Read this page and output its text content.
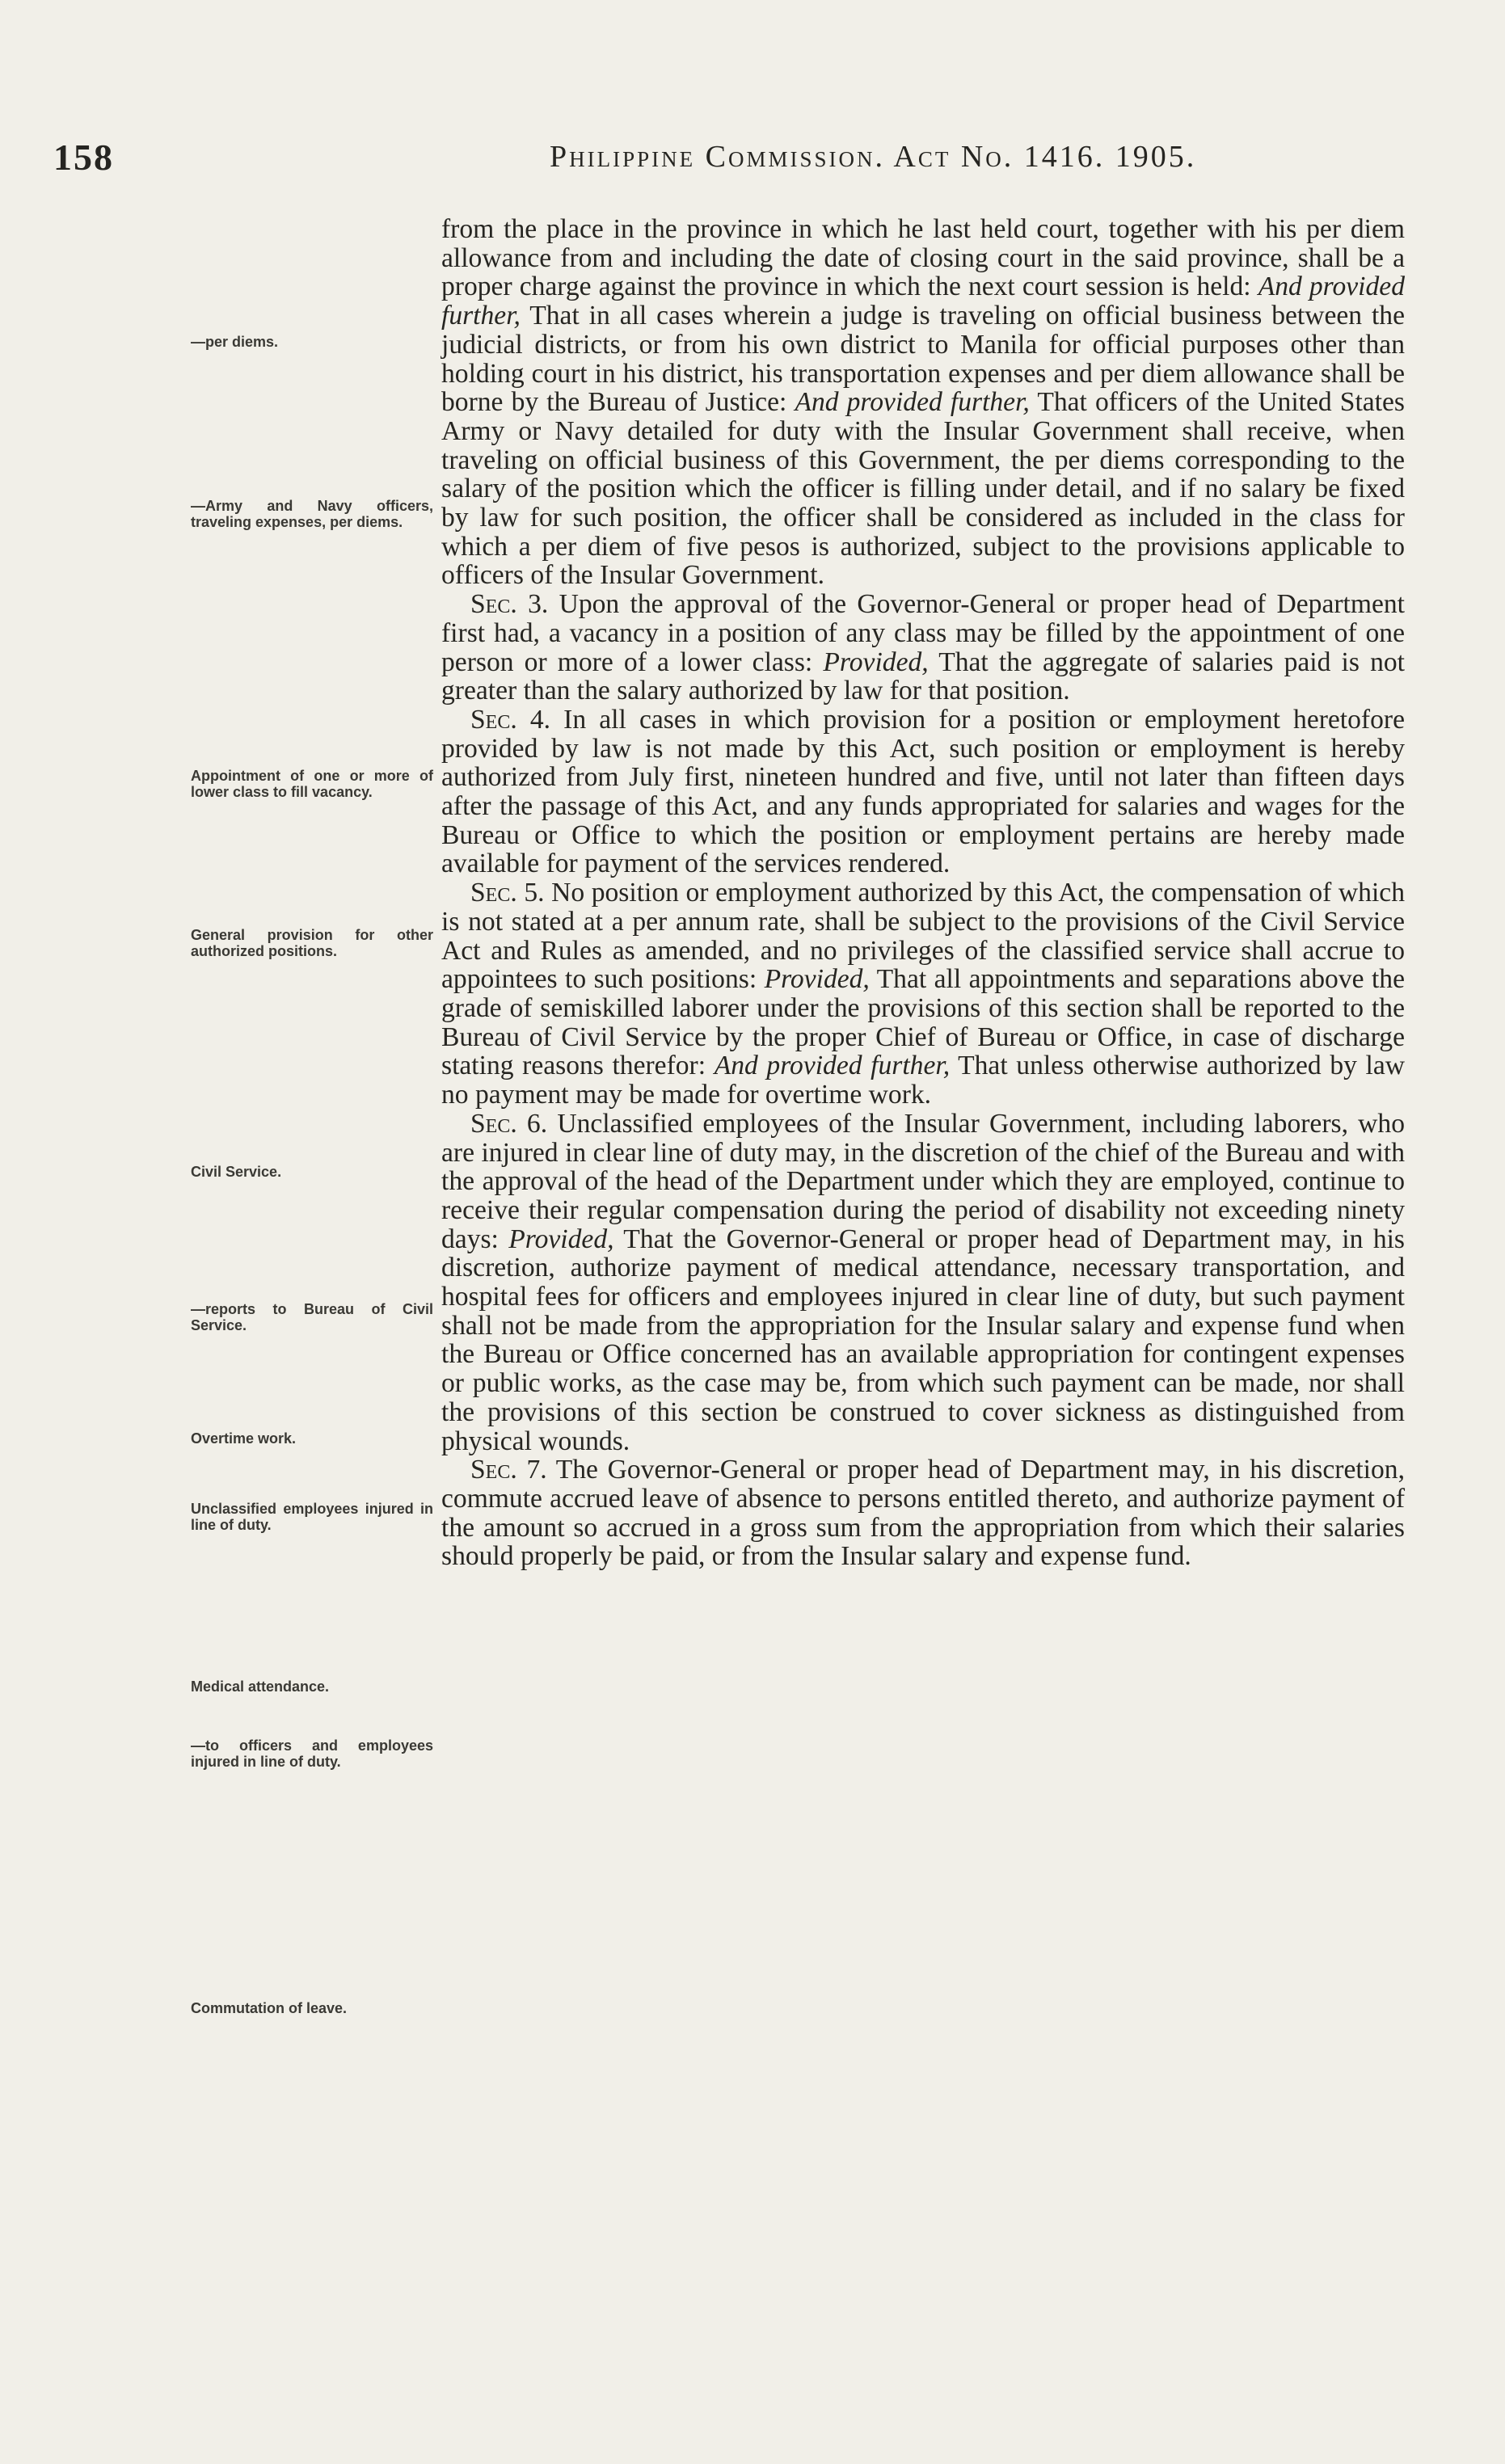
158	Philippine Commission. Act No. 1416. 1905.
—per diems.
—Army and Navy officers, traveling expenses, per diems.
Appointment of one or more of lower class to fill vacancy.
General provision for other authorized positions.
Civil Service.
—reports to Bureau of Civil Service.
Overtime work.
Unclassified employees injured in line of duty.
Medical attendance.
—to officers and employees injured in line of duty.
Commutation of leave.

from the place in the province in which he last held court, together with his per diem allowance from and including the date of closing court in the said province, shall be a proper charge against the province in which the next court session is held: And provided further, That in all cases wherein a judge is traveling on official business between the judicial districts, or from his own district to Manila for official purposes other than holding court in his district, his transportation expenses and per diem allowance shall be borne by the Bureau of Justice: And provided further, That officers of the United States Army or Navy detailed for duty with the Insular Government shall receive, when traveling on official business of this Government, the per diems corresponding to the salary of the position which the officer is filling under detail, and if no salary be fixed by law for such position, the officer shall be considered as included in the class for which a per diem of five pesos is authorized, subject to the provisions applicable to officers of the Insular Government.

Sec. 3. Upon the approval of the Governor-General or proper head of Department first had, a vacancy in a position of any class may be filled by the appointment of one person or more of a lower class: Provided, That the aggregate of salaries paid is not greater than the salary authorized by law for that position.

Sec. 4. In all cases in which provision for a position or employment heretofore provided by law is not made by this Act, such position or employment is hereby authorized from July first, nineteen hundred and five, until not later than fifteen days after the passage of this Act, and any funds appropriated for salaries and wages for the Bureau or Office to which the position or employment pertains are hereby made available for payment of the services rendered.

Sec. 5. No position or employment authorized by this Act, the compensation of which is not stated at a per annum rate, shall be subject to the provisions of the Civil Service Act and Rules as amended, and no privileges of the classified service shall accrue to appointees to such positions: Provided, That all appointments and separations above the grade of semiskilled laborer under the provisions of this section shall be reported to the Bureau of Civil Service by the proper Chief of Bureau or Office, in case of discharge stating reasons therefor: And provided further, That unless otherwise authorized by law no payment may be made for overtime work.

Sec. 6. Unclassified employees of the Insular Government, including laborers, who are injured in clear line of duty may, in the discretion of the chief of the Bureau and with the approval of the head of the Department under which they are employed, continue to receive their regular compensation during the period of disability not exceeding ninety days: Provided, That the Governor-General or proper head of Department may, in his discretion, authorize payment of medical attendance, necessary transportation, and hospital fees for officers and employees injured in clear line of duty, but such payment shall not be made from the appropriation for the Insular salary and expense fund when the Bureau or Office concerned has an available appropriation for contingent expenses or public works, as the case may be, from which such payment can be made, nor shall the provisions of this section be construed to cover sickness as distinguished from physical wounds.

Sec. 7. The Governor-General or proper head of Department may, in his discretion, commute accrued leave of absence to persons entitled thereto, and authorize payment of the amount so accrued in a gross sum from the appropriation from which their salaries should properly be paid, or from the Insular salary and expense fund.
